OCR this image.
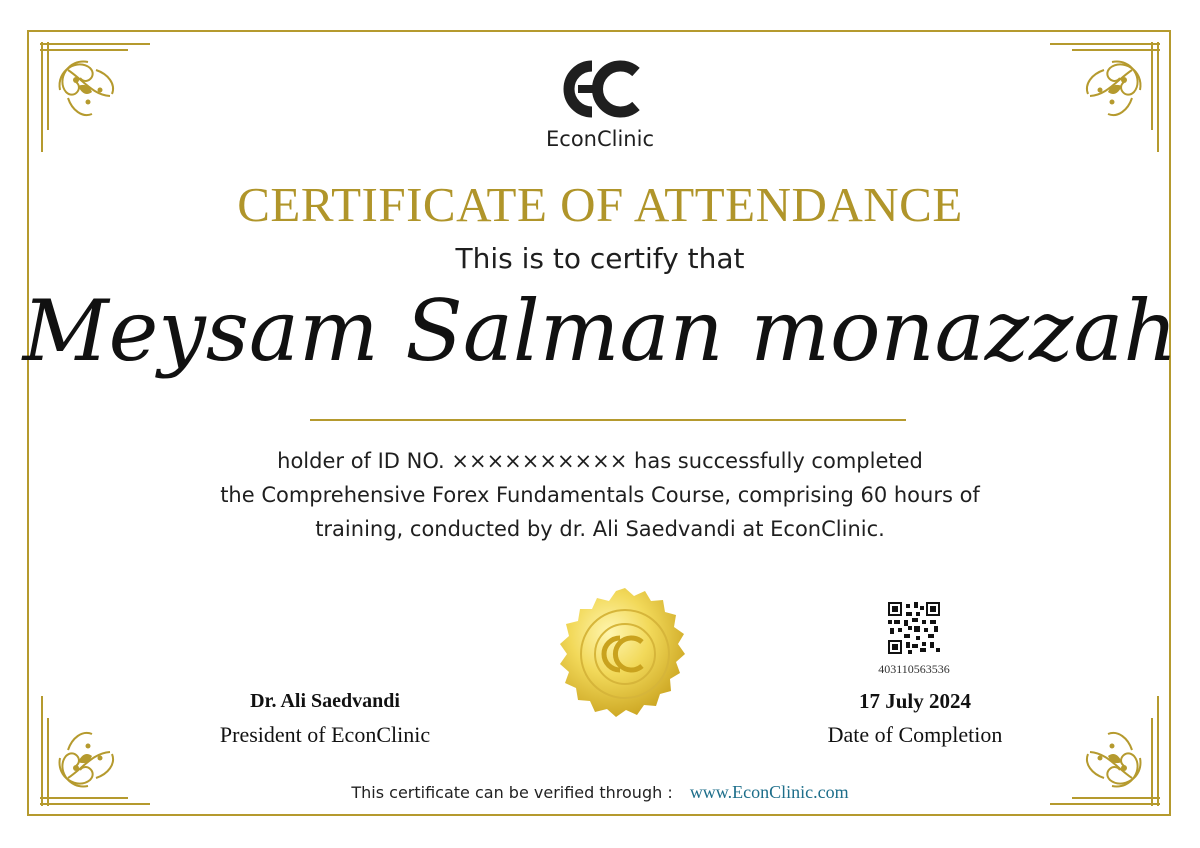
EconClinic
CERTIFICATE OF ATTENDANCE
This is to certify that
Meysam Salman monazzah
holder of ID NO. ×××××××××× has successfully completed
the Comprehensive Forex Fundamentals Course, comprising 60 hours of
training, conducted by dr. Ali Saedvandi at EconClinic.
403110563536
Dr. Ali Saedvandi
President of EconClinic
17 July 2024
Date of Completion
This certificate can be verified through : www.EconClinic.com
